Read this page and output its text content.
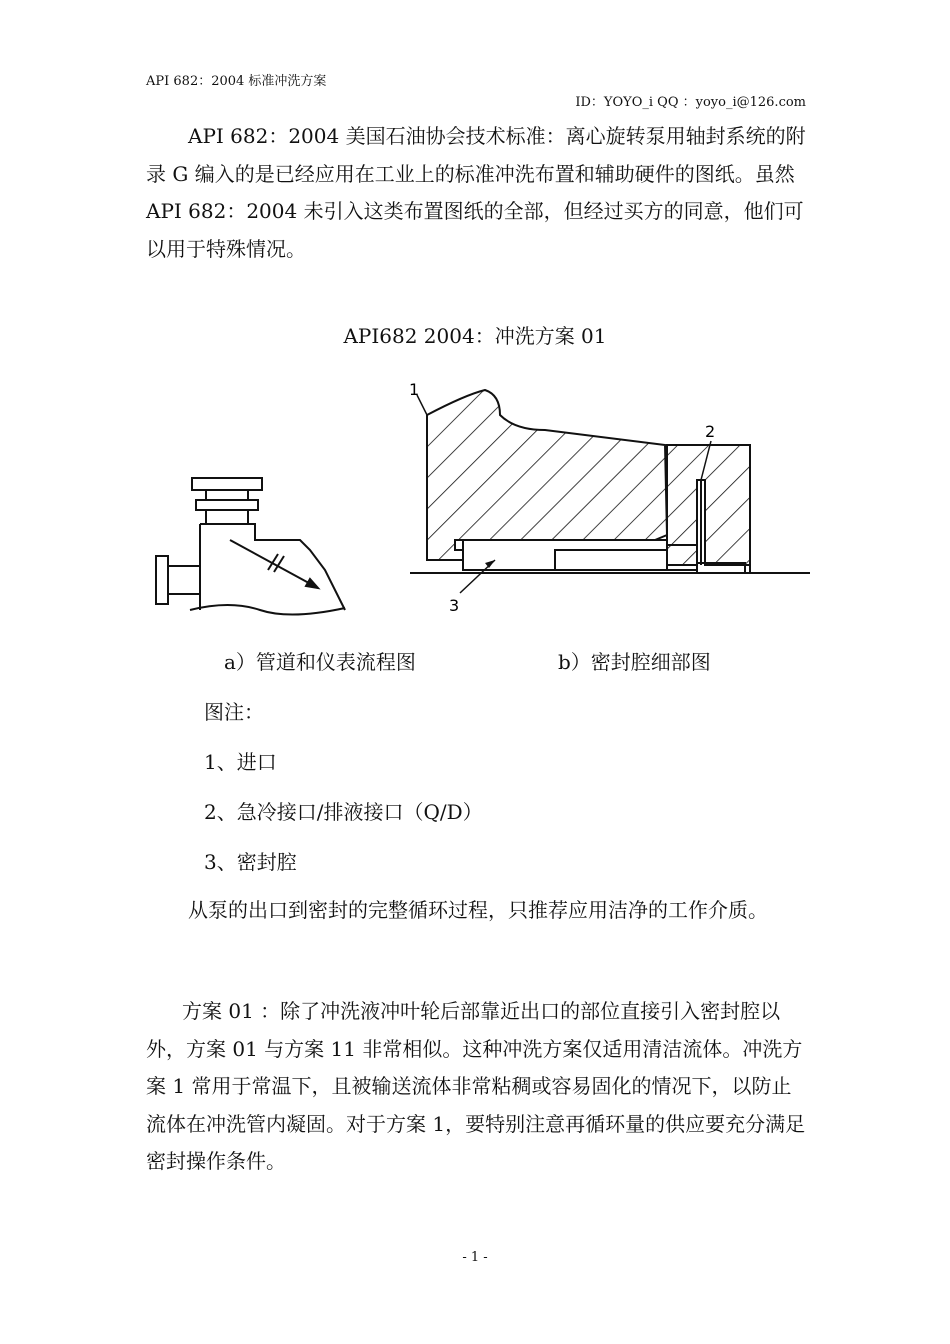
API 682：2004 标准冲洗方案
ID：YOYO_i QQ ：yoyo_i@126.com

API 682：2004 美国石油协会技术标准：离心旋转泵用轴封系统的附录 G 编入的是已经应用在工业上的标准冲洗布置和辅助硬件的图纸。虽然 API 682：2004 未引入这类布置图纸的全部，但经过买方的同意，他们可以用于特殊情况。

API682 2004：冲洗方案 01
1
2
3
a）管道和仪表流程图	b）密封腔细部图
图注：
1、进口
2、急冷接口/排液接口（Q/D）
3、密封腔

从泵的出口到密封的完整循环过程，只推荐应用洁净的工作介质。

方案 01 ：除了冲洗液冲叶轮后部靠近出口的部位直接引入密封腔以外，方案 01 与方案 11 非常相似。这种冲洗方案仅适用清洁流体。冲洗方案 1 常用于常温下，且被输送流体非常粘稠或容易固化的情况下，以防止流体在冲洗管内凝固。对于方案 1，要特别注意再循环量的供应要充分满足密封操作条件。

- 1 -
